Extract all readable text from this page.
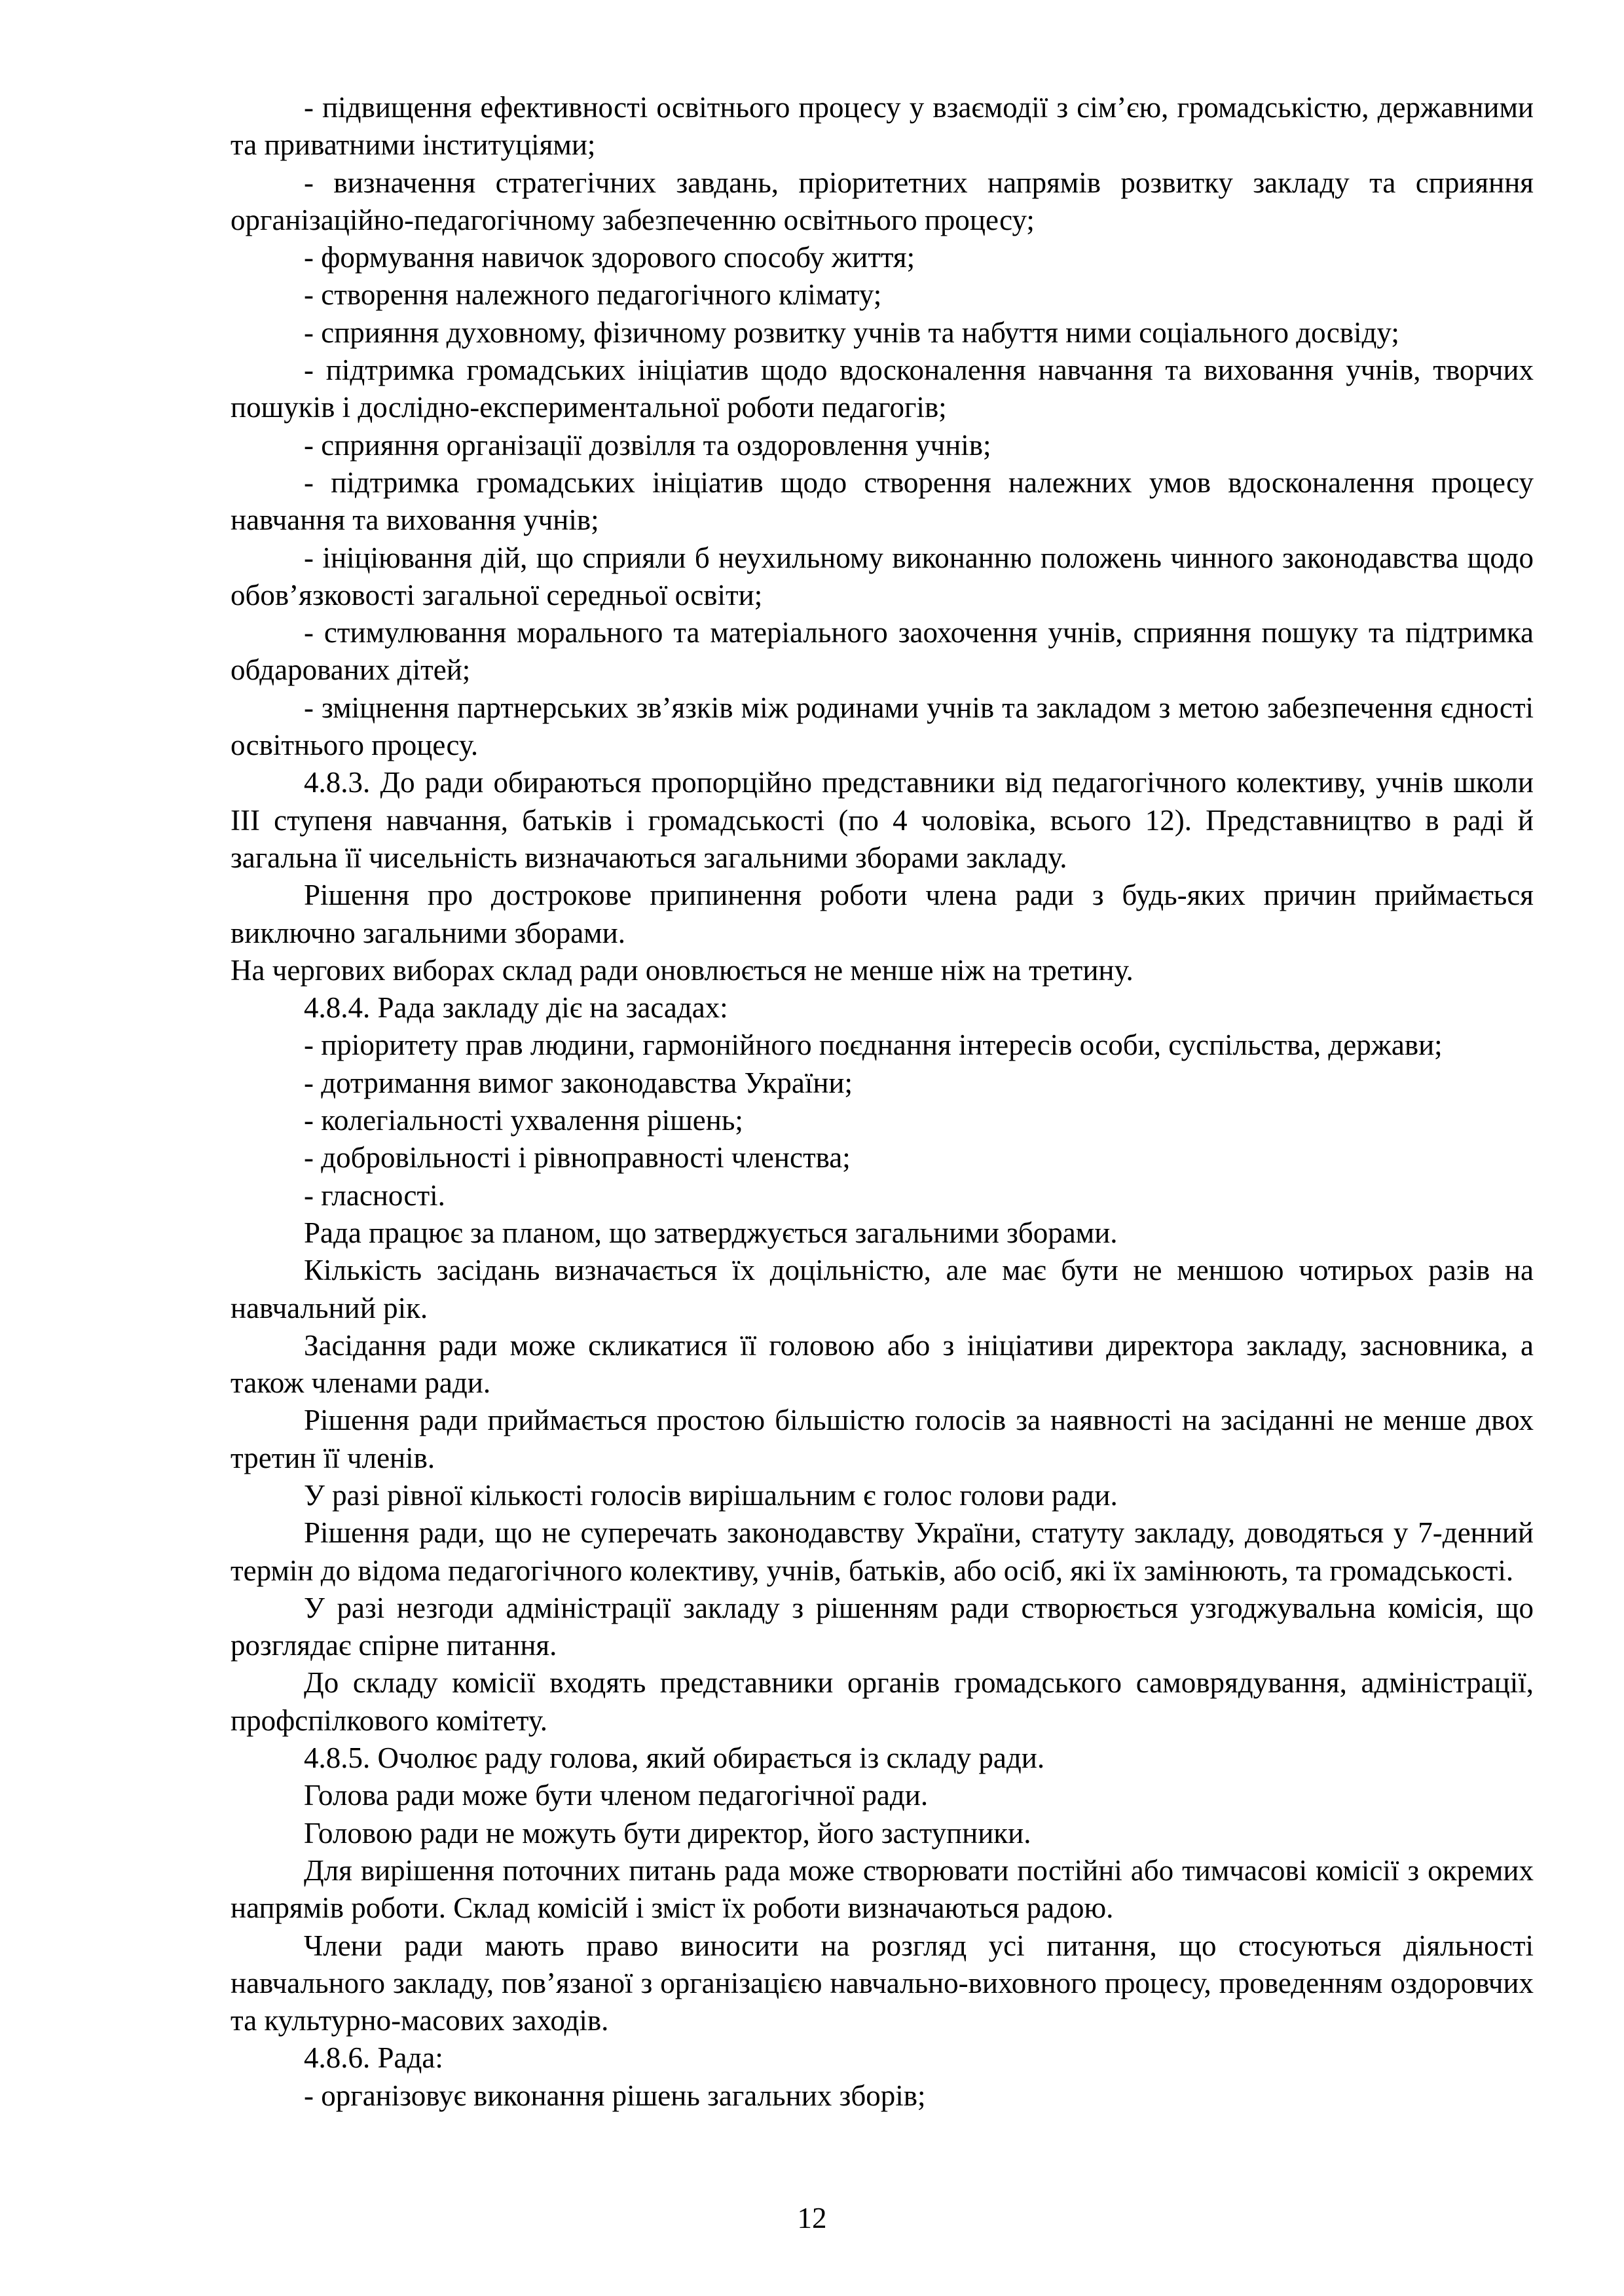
- підвищення ефективності освітнього процесу у взаємодії з сім’єю, громадськістю, державними та приватними інституціями;

- визначення стратегічних завдань, пріоритетних напрямів розвитку закладу та сприяння організаційно-педагогічному забезпеченню освітнього процесу;

- формування навичок здорового способу життя;

- створення належного педагогічного клімату;

- сприяння духовному, фізичному розвитку учнів та набуття ними соціального досвіду;

- підтримка громадських ініціатив щодо вдосконалення навчання та виховання учнів, творчих пошуків і дослідно-експериментальної роботи педагогів;

- сприяння організації дозвілля та оздоровлення учнів;

- підтримка громадських ініціатив щодо створення належних умов вдосконалення процесу навчання та виховання учнів;

- ініціювання дій, що сприяли б неухильному виконанню положень чинного законодавства щодо обов’язковості загальної середньої освіти;

- стимулювання морального та матеріального заохочення учнів, сприяння пошуку та підтримка обдарованих дітей;

- зміцнення партнерських зв’язків між родинами учнів та закладом з метою забезпечення єдності освітнього процесу.

4.8.3. До ради обираються пропорційно представники від педагогічного колективу, учнів школи ІІІ ступеня навчання, батьків і громадськості (по 4 чоловіка, всього 12). Представництво в раді й загальна її чисельність визначаються загальними зборами закладу.

Рішення про дострокове припинення роботи члена ради з будь-яких причин приймається виключно загальними зборами.

На чергових виборах склад ради оновлюється не менше ніж на третину.

4.8.4. Рада закладу діє на засадах:

- пріоритету прав людини, гармонійного поєднання інтересів особи, суспільства, держави;

- дотримання вимог законодавства України;

- колегіальності ухвалення рішень;

- добровільності і рівноправності членства;

- гласності.

Рада працює за планом, що затверджується загальними зборами.

Кількість засідань визначається їх доцільністю, але має бути не меншою чотирьох разів на навчальний рік.

Засідання ради може скликатися її головою або з ініціативи директора закладу, засновника, а також членами ради.

Рішення ради приймається простою більшістю голосів за наявності на засіданні не менше двох третин її членів.

У разі рівної кількості голосів вирішальним є голос голови ради.

Рішення ради, що не суперечать законодавству України, статуту закладу, доводяться у 7-денний термін до відома педагогічного колективу, учнів, батьків, або осіб, які їх замінюють, та громадськості.

У разі незгоди адміністрації закладу з рішенням ради створюється узгоджувальна комісія, що розглядає спірне питання.

До складу комісії входять представники органів громадського самоврядування, адміністрації, профспілкового комітету.

4.8.5. Очолює раду голова, який обирається із складу ради.

Голова ради може бути членом педагогічної ради.

Головою ради не можуть бути директор, його заступники.

Для вирішення поточних питань рада може створювати постійні або тимчасові комісії з окремих напрямів роботи. Склад комісій і зміст їх роботи визначаються радою.

Члени ради мають право виносити на розгляд усі питання, що стосуються діяльності навчального закладу, пов’язаної з організацією навчально-виховного процесу, проведенням оздоровчих та культурно-масових заходів.

4.8.6. Рада:

- організовує виконання рішень загальних зборів;

12
